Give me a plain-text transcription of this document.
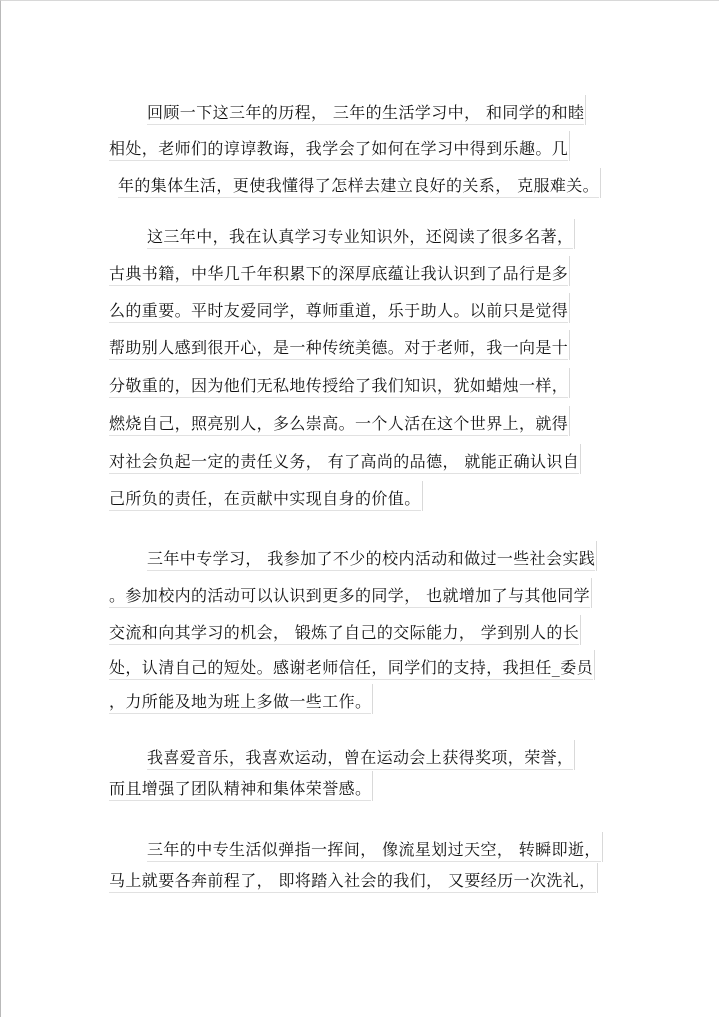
回顾一下这三年的历程， 三年的生活学习中， 和同学的和睦
相处，老师们的谆谆教诲，我学会了如何在学习中得到乐趣。几
年的集体生活，更使我懂得了怎样去建立良好的关系， 克服难关。
这三年中，我在认真学习专业知识外，还阅读了很多名著，
古典书籍，中华几千年积累下的深厚底蕴让我认识到了品行是多
么的重要。平时友爱同学，尊师重道，乐于助人。以前只是觉得
帮助别人感到很开心，是一种传统美德。对于老师，我一向是十
分敬重的，因为他们无私地传授给了我们知识，犹如蜡烛一样，
燃烧自己，照亮别人，多么崇高。一个人活在这个世界上，就得
对社会负起一定的责任义务， 有了高尚的品德， 就能正确认识自
己所负的责任，在贡献中实现自身的价值。
三年中专学习， 我参加了不少的校内活动和做过一些社会实践
。参加校内的活动可以认识到更多的同学， 也就增加了与其他同学
交流和向其学习的机会， 锻炼了自己的交际能力， 学到别人的长
处，认清自己的短处。感谢老师信任，同学们的支持，我担任_委员
，力所能及地为班上多做一些工作。
我喜爱音乐，我喜欢运动，曾在运动会上获得奖项，荣誉，
而且增强了团队精神和集体荣誉感。
三年的中专生活似弹指一挥间， 像流星划过天空， 转瞬即逝，
马上就要各奔前程了， 即将踏入社会的我们， 又要经历一次洗礼，
